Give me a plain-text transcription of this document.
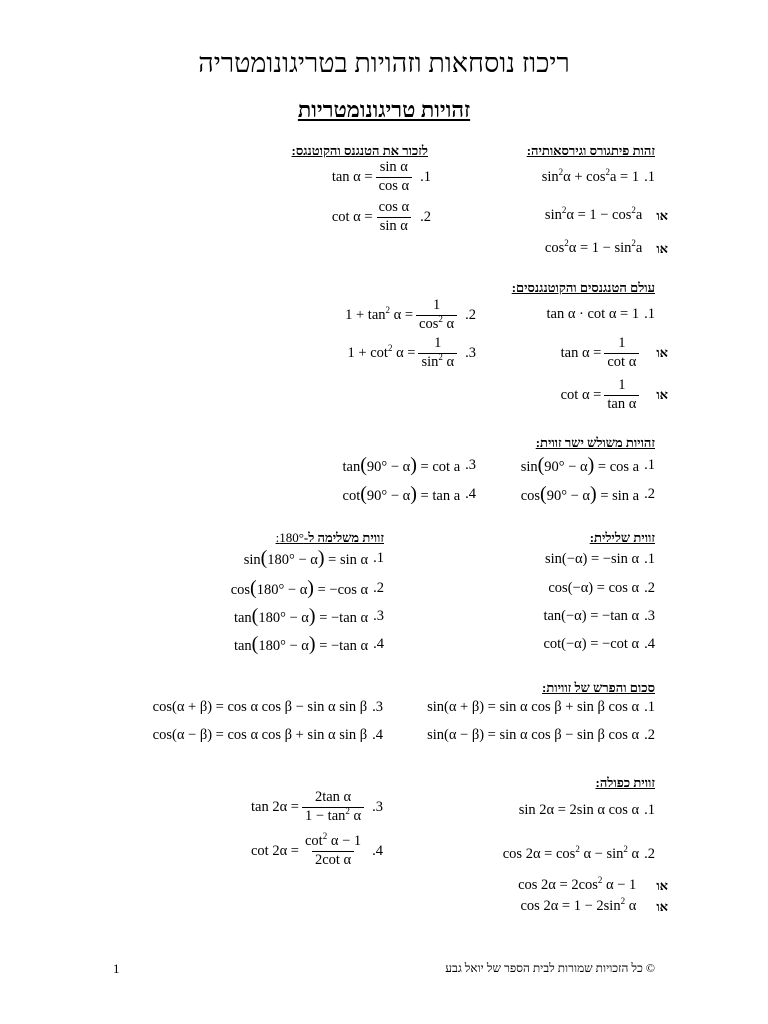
ריכוז נוסחאות וזהויות בטריגונומטריה
זהויות טריגונומטריות
זהות פיתגורס וגירסאותיה:
$\sin^2\alpha + \cos^2a = 1$ .1
$\sin^2\alpha = 1 - \cos^2a$ או
$\cos^2\alpha = 1 - \sin^2a$ או
לזכור את הטנגנס והקוטנגס:
$\tan \alpha = \frac{\text{sin α}}{\text{cos α}} .1$
$\cot \alpha = \frac{\text{cos α}}{\text{sin α}} .2$
עולם הטנגנסים והקוטנגנסים:
tan α · cot α = 1 .1
$\tan \alpha = \frac{1}{\text{cot α}}$ או
$\cot \alpha = \frac{1}{\text{tan α}}$ או
$1 + \tan^2 \alpha = \frac{1}{\cos^2 \alpha} .2$
$1 + \cot^2 \alpha = \frac{1}{\sin^2 \alpha} .3$
זהויות משולש ישר זווית:
sin(90° − α) = cos a .1
cos(90° − α) = sin a .2
tan(90° − α) = cot a .3
cot(90° − α) = tan a .4
זווית שלילית:
sin(−α) = −sin α .1
cos(−α) = cos α .2
tan(−α) = −tan α .3
cot(−α) = −cot α .4
זווית משלימה ל-180°:
sin(180° − α) = sin α .1
cos(180° − α) = −cos α .2
tan(180° − α) = −tan α .3
tan(180° − α) = −tan α .4
סכום והפרש של זוויות:
sin(α + β) = sin α cos β + sin β cos α .1
sin(α − β) = sin α cos β − sin β cos α .2
cos(α + β) = cos α cos β − sin α sin β .3
cos(α − β) = cos α cos β + sin α sin β .4
זווית כפולה:
sin 2α = 2sin α cos α .1
$\cos 2\alpha = \cos^2 \alpha - \sin^2 \alpha$ .2
$\cos 2\alpha = 2\cos^2$ α − 1 או
$\cos 2\alpha = 1 - 2\sin^2$ α או
$\tan 2\alpha = \frac{\text{2tan α}}{1 - \tan^2 \alpha} .3$
$\cot 2\alpha = \frac{\cot^2 \alpha - 1}{\text{2cot α}} .4$
© כל הזכויות שמורות לבית הספר של יואל גבע
1
